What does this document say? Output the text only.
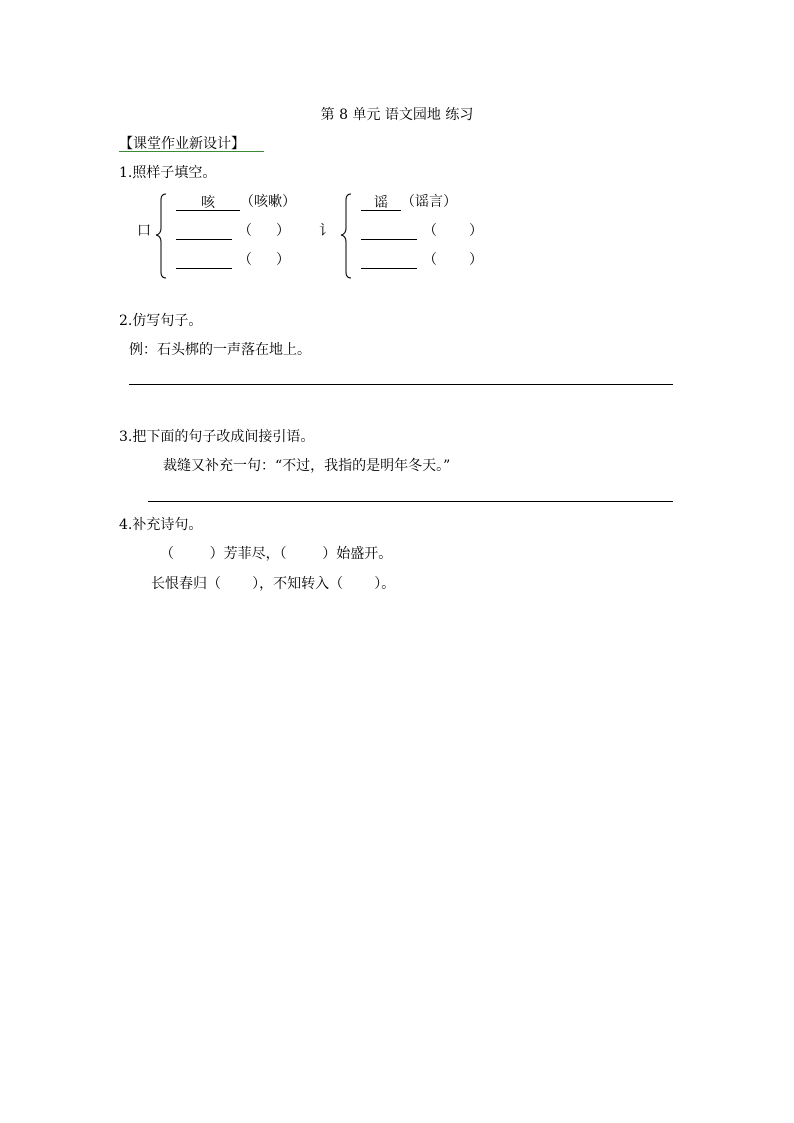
第 8 单元 语文园地 练习
【课堂作业新设计】
1.照样子填空。
口
咳 （咳嗽）
（ ）
（ ）
讠
谣 （谣言）
（ ）
（ ）
2.仿写句子。
例：石头梆的一声落在地上。
3.把下面的句子改成间接引语。
裁缝又补充一句：“不过，我指的是明年冬天。”
4.补充诗句。
（        ）芳菲尽，（        ）始盛开。
长恨春归（       ），不知转入（       ）。
